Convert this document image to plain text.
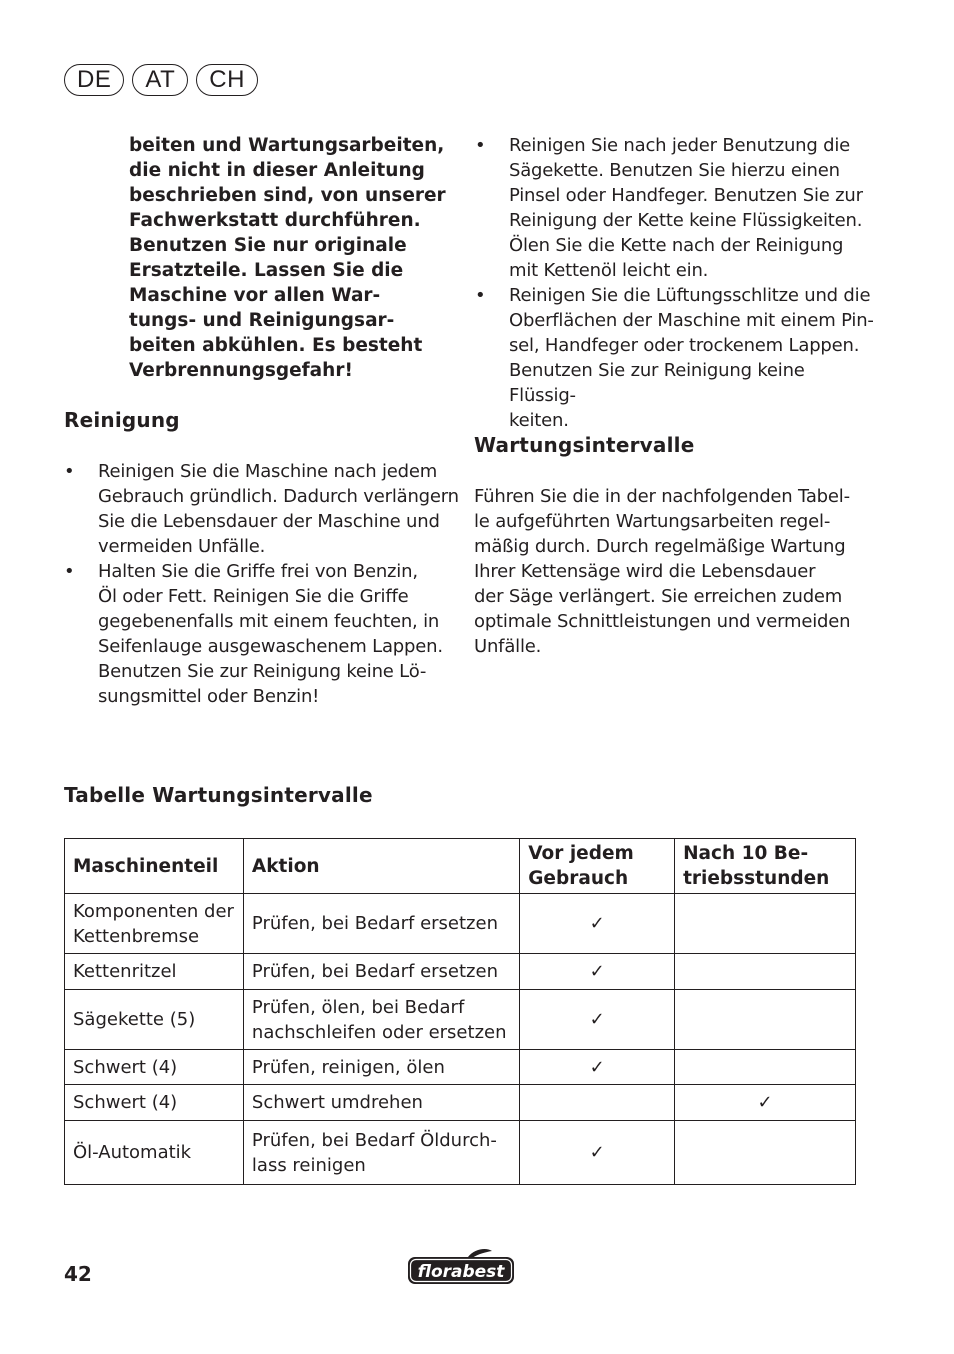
DE	AT	CH

beiten und Wartungsarbeiten,
die nicht in dieser Anleitung
beschrieben sind, von unserer
Fachwerkstatt durchführen.
Benutzen Sie nur originale
Ersatzteile. Lassen Sie die
Maschine vor allen War-
tungs- und Reinigungsar-
beiten abkühlen. Es besteht
Verbrennungsgefahr!

Reinigung
• Reinigen Sie die Maschine nach jedem
Gebrauch gründlich. Dadurch verlängern
Sie die Lebensdauer der Maschine und
vermeiden Unfälle.
• Halten Sie die Griffe frei von Benzin,
Öl oder Fett. Reinigen Sie die Griffe
gegebenenfalls mit einem feuchten, in
Seifenlauge ausgewaschenem Lappen.
Benutzen Sie zur Reinigung keine Lö-
sungsmittel oder Benzin!
• Reinigen Sie nach jeder Benutzung die
Sägekette. Benutzen Sie hierzu einen
Pinsel oder Handfeger. Benutzen Sie zur
Reinigung der Kette keine Flüssigkeiten.
Ölen Sie die Kette nach der Reinigung
mit Kettenöl leicht ein.
• Reinigen Sie die Lüftungsschlitze und die
Oberflächen der Maschine mit einem Pin-
sel, Handfeger oder trockenem Lappen.
Benutzen Sie zur Reinigung keine Flüssig-
keiten.
Wartungsintervalle

Führen Sie die in der nachfolgenden Tabel-
le aufgeführten Wartungsarbeiten regel-
mäßig durch. Durch regelmäßige Wartung
Ihrer Kettensäge wird die Lebensdauer
der Säge verlängert. Sie erreichen zudem
optimale Schnittleistungen und vermeiden
Unfälle.

Tabelle Wartungsintervalle
Maschinenteil	Aktion	Vor jedem
Gebrauch	Nach 10 Be-
triebsstunden
Komponenten der
Kettenbremse	Prüfen, bei Bedarf ersetzen	✓	
Kettenritzel	Prüfen, bei Bedarf ersetzen	✓	
Sägekette (5)	Prüfen, ölen, bei Bedarf
nachschleifen oder ersetzen	✓	
Schwert (4)	Prüfen, reinigen, ölen	✓	
Schwert (4)	Schwert umdrehen		✓
Öl-Automatik	Prüfen, bei Bedarf Öldurch-
lass reinigen	✓	
42	florabest
